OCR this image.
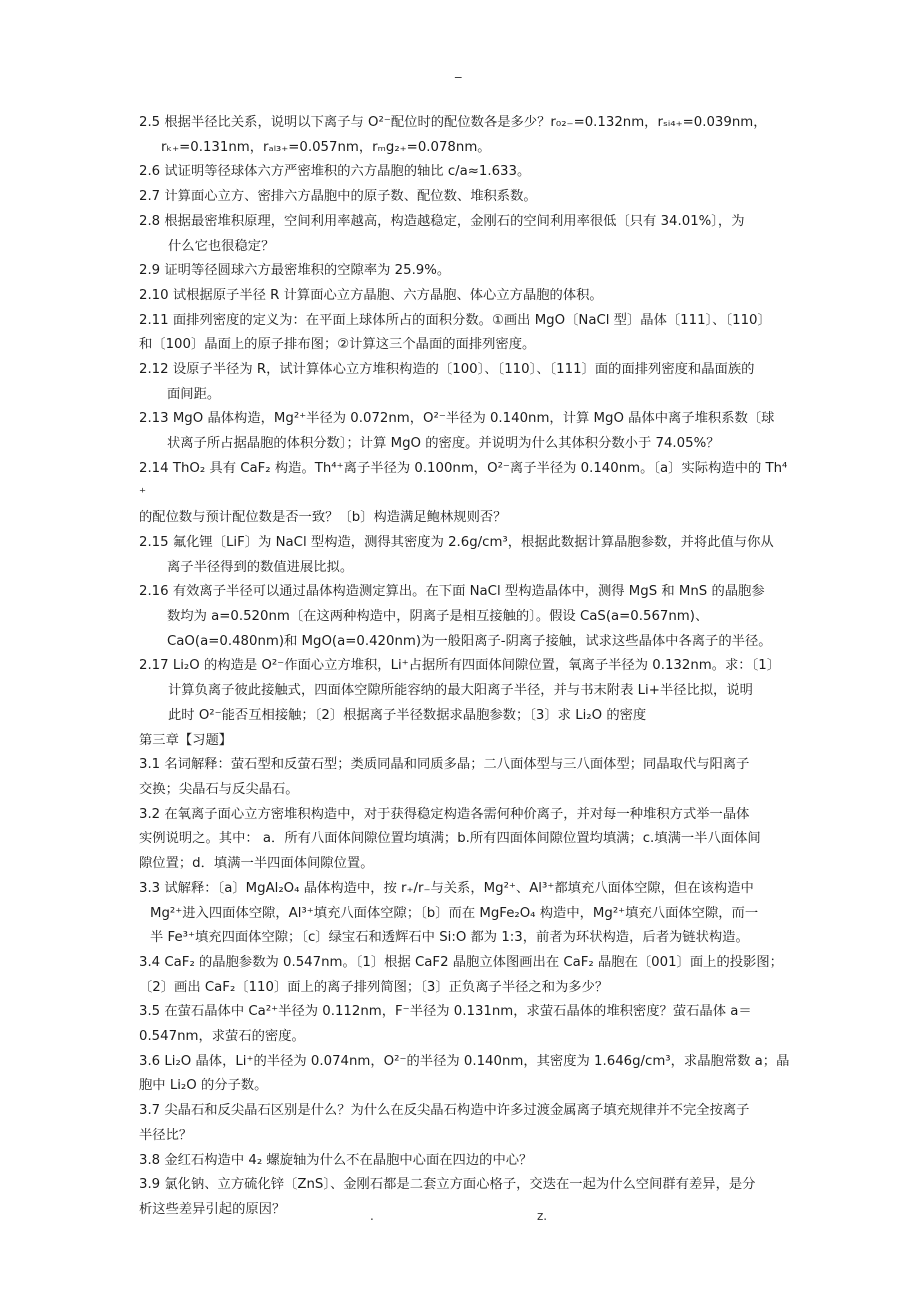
_

2.5 根据半径比关系，说明以下离子与 O²⁻配位时的配位数各是多少？r₀₂₋=0.132nm，rₛᵢ₄₊=0.039nm，

rₖ₊=0.131nm，rₐₗ₃₊=0.057nm，rₘg₂₊=0.078nm。

2.6 试证明等径球体六方严密堆积的六方晶胞的轴比 c/a≈1.633。

2.7 计算面心立方、密排六方晶胞中的原子数、配位数、堆积系数。

2.8 根据最密堆积原理，空间利用率越高，构造越稳定，金刚石的空间利用率很低〔只有 34.01%〕，为

什么它也很稳定？

2.9 证明等径圆球六方最密堆积的空隙率为 25.9%。

2.10 试根据原子半径 R 计算面心立方晶胞、六方晶胞、体心立方晶胞的体积。

2.11 面排列密度的定义为：在平面上球体所占的面积分数。①画出 MgO〔NaCl 型〕晶体〔111〕、〔110〕

和〔100〕晶面上的原子排布图；②计算这三个晶面的面排列密度。

2.12 设原子半径为 R，试计算体心立方堆积构造的〔100〕、〔110〕、〔111〕面的面排列密度和晶面族的

面间距。

2.13 MgO 晶体构造，Mg²⁺半径为 0.072nm，O²⁻半径为 0.140nm，计算 MgO 晶体中离子堆积系数〔球

状离子所占据晶胞的体积分数〕；计算 MgO 的密度。并说明为什么其体积分数小于 74.05%？

2.14 ThO₂ 具有 CaF₂ 构造。Th⁴⁺离子半径为 0.100nm，O²⁻离子半径为 0.140nm。〔a〕实际构造中的 Th⁴⁺

的配位数与预计配位数是否一致？〔b〕构造满足鲍林规则否？

2.15 氟化锂〔LiF〕为 NaCl 型构造，测得其密度为 2.6g/cm³，根据此数据计算晶胞参数，并将此值与你从

离子半径得到的数值进展比拟。

2.16 有效离子半径可以通过晶体构造测定算出。在下面 NaCl 型构造晶体中，测得 MgS 和 MnS 的晶胞参

数均为 a=0.520nm〔在这两种构造中，阴离子是相互接触的〕。假设 CaS(a=0.567nm)、

CaO(a=0.480nm)和 MgO(a=0.420nm)为一般阳离子-阴离子接触，试求这些晶体中各离子的半径。

2.17 Li₂O 的构造是 O²⁻作面心立方堆积，Li⁺占据所有四面体间隙位置，氧离子半径为 0.132nm。求：〔1〕

计算负离子彼此接触式，四面体空隙所能容纳的最大阳离子半径，并与书末附表 Li+半径比拟，说明

此时 O²⁻能否互相接触；〔2〕根据离子半径数据求晶胞参数；〔3〕求 Li₂O 的密度

第三章【习题】

3.1 名词解释：萤石型和反萤石型；类质同晶和同质多晶；二八面体型与三八面体型；同晶取代与阳离子

交换；尖晶石与反尖晶石。

3.2 在氧离子面心立方密堆积构造中，对于获得稳定构造各需何种价离子，并对每一种堆积方式举一晶体

实例说明之。其中： a．所有八面体间隙位置均填满；b.所有四面体间隙位置均填满；c.填满一半八面体间

隙位置；d．填满一半四面体间隙位置。

3.3 试解释：〔a〕MgAl₂O₄ 晶体构造中，按 r₊/r₋与关系，Mg²⁺、Al³⁺都填充八面体空隙，但在该构造中

Mg²⁺进入四面体空隙，Al³⁺填充八面体空隙；〔b〕而在 MgFe₂O₄ 构造中，Mg²⁺填充八面体空隙，而一

半 Fe³⁺填充四面体空隙；〔c〕绿宝石和透辉石中 Si:O 都为 1:3，前者为环状构造，后者为链状构造。

3.4 CaF₂ 的晶胞参数为 0.547nm。〔1〕根据 CaF2 晶胞立体图画出在 CaF₂ 晶胞在〔001〕面上的投影图；

〔2〕画出 CaF₂〔110〕面上的离子排列简图；〔3〕正负离子半径之和为多少？

3.5 在萤石晶体中 Ca²⁺半径为 0.112nm，F⁻半径为 0.131nm，求萤石晶体的堆积密度？萤石晶体 a＝

0.547nm，求萤石的密度。

3.6 Li₂O 晶体，Li⁺的半径为 0.074nm，O²⁻的半径为 0.140nm，其密度为 1.646g/cm³，求晶胞常数 a；晶

胞中 Li₂O 的分子数。

3.7 尖晶石和反尖晶石区别是什么？为什么在反尖晶石构造中许多过渡金属离子填充规律并不完全按离子

半径比？

3.8 金红石构造中 4₂ 螺旋轴为什么不在晶胞中心面在四边的中心？

3.9 氯化钠、立方硫化锌〔ZnS〕、金刚石都是二套立方面心格子，交迭在一起为什么空间群有差异，是分

析这些差异引起的原因？	.	z.
